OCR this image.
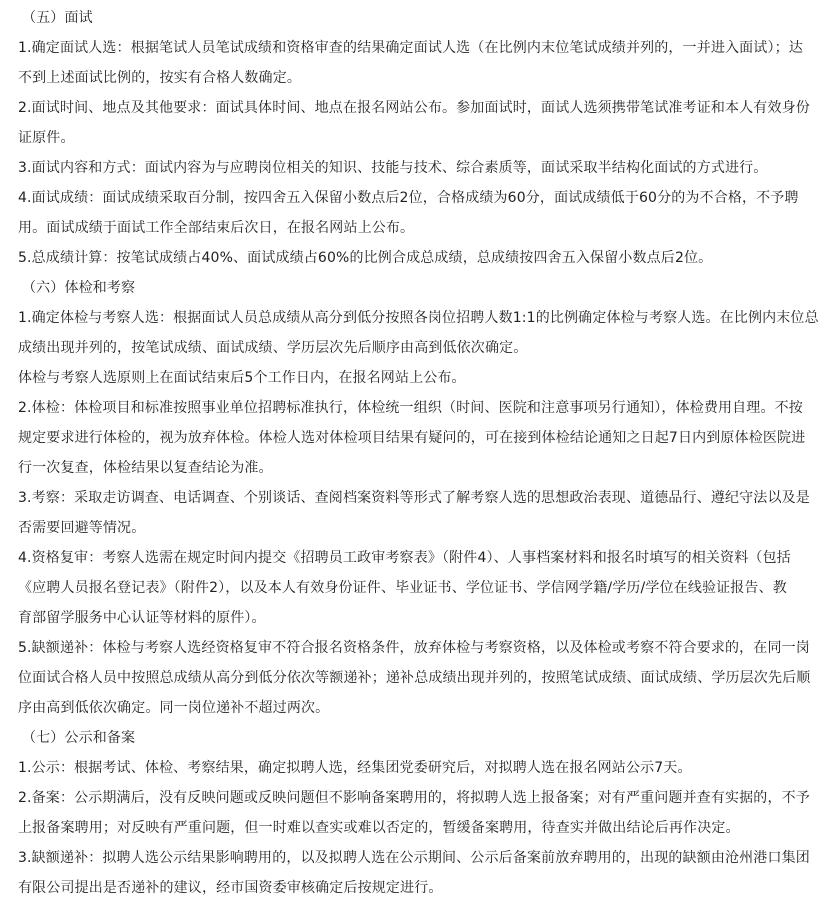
（五）面试
1.确定面试人选：根据笔试人员笔试成绩和资格审查的结果确定面试人选（在比例内末位笔试成绩并列的，一并进入面试）；达
不到上述面试比例的，按实有合格人数确定。
2.面试时间、地点及其他要求：面试具体时间、地点在报名网站公布。参加面试时，面试人选须携带笔试准考证和本人有效身份
证原件。
3.面试内容和方式：面试内容为与应聘岗位相关的知识、技能与技术、综合素质等，面试采取半结构化面试的方式进行。
4.面试成绩：面试成绩采取百分制，按四舍五入保留小数点后2位，合格成绩为60分，面试成绩低于60分的为不合格，不予聘
用。面试成绩于面试工作全部结束后次日，在报名网站上公布。
5.总成绩计算：按笔试成绩占40%、面试成绩占60%的比例合成总成绩，总成绩按四舍五入保留小数点后2位。
（六）体检和考察
1.确定体检与考察人选：根据面试人员总成绩从高分到低分按照各岗位招聘人数1:1的比例确定体检与考察人选。在比例内末位总
成绩出现并列的，按笔试成绩、面试成绩、学历层次先后顺序由高到低依次确定。
体检与考察人选原则上在面试结束后5个工作日内，在报名网站上公布。
2.体检：体检项目和标准按照事业单位招聘标准执行，体检统一组织（时间、医院和注意事项另行通知），体检费用自理。不按
规定要求进行体检的，视为放弃体检。体检人选对体检项目结果有疑问的，可在接到体检结论通知之日起7日内到原体检医院进
行一次复查，体检结果以复查结论为准。
3.考察：采取走访调查、电话调查、个别谈话、查阅档案资料等形式了解考察人选的思想政治表现、道德品行、遵纪守法以及是
否需要回避等情况。
4.资格复审：考察人选需在规定时间内提交《招聘员工政审考察表》（附件4）、人事档案材料和报名时填写的相关资料（包括
《应聘人员报名登记表》（附件2），以及本人有效身份证件、毕业证书、学位证书、学信网学籍/学历/学位在线验证报告、教
育部留学服务中心认证等材料的原件）。
5.缺额递补：体检与考察人选经资格复审不符合报名资格条件，放弃体检与考察资格，以及体检或考察不符合要求的，在同一岗
位面试合格人员中按照总成绩从高分到低分依次等额递补；递补总成绩出现并列的，按照笔试成绩、面试成绩、学历层次先后顺
序由高到低依次确定。同一岗位递补不超过两次。
（七）公示和备案
1.公示：根据考试、体检、考察结果，确定拟聘人选，经集团党委研究后，对拟聘人选在报名网站公示7天。
2.备案：公示期满后，没有反映问题或反映问题但不影响备案聘用的，将拟聘人选上报备案；对有严重问题并查有实据的，不予
上报备案聘用；对反映有严重问题，但一时难以查实或难以否定的，暂缓备案聘用，待查实并做出结论后再作决定。
3.缺额递补：拟聘人选公示结果影响聘用的，以及拟聘人选在公示期间、公示后备案前放弃聘用的，出现的缺额由沧州港口集团
有限公司提出是否递补的建议，经市国资委审核确定后按规定进行。
